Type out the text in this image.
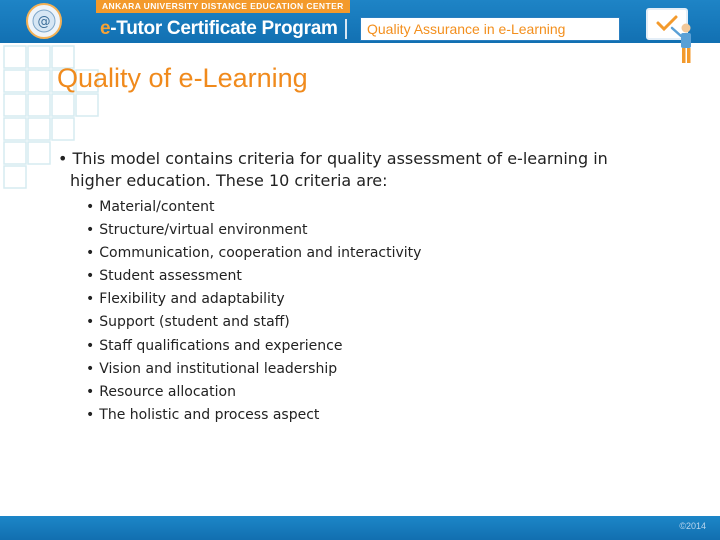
@
ANKARA UNIVERSITY DISTANCE EDUCATION CENTER
e-Tutor Certificate Program	Quality Assurance in e-Learning
Quality of e-Learning
• This model contains criteria for quality assessment of e-learning in
higher education. These 10 criteria are:
• Material/content
• Structure/virtual environment
• Communication, cooperation and interactivity
• Student assessment
• Flexibility and adaptability
• Support (student and staff)
• Staff qualifications and experience
• Vision and institutional leadership
• Resource allocation
• The holistic and process aspect
©2014
